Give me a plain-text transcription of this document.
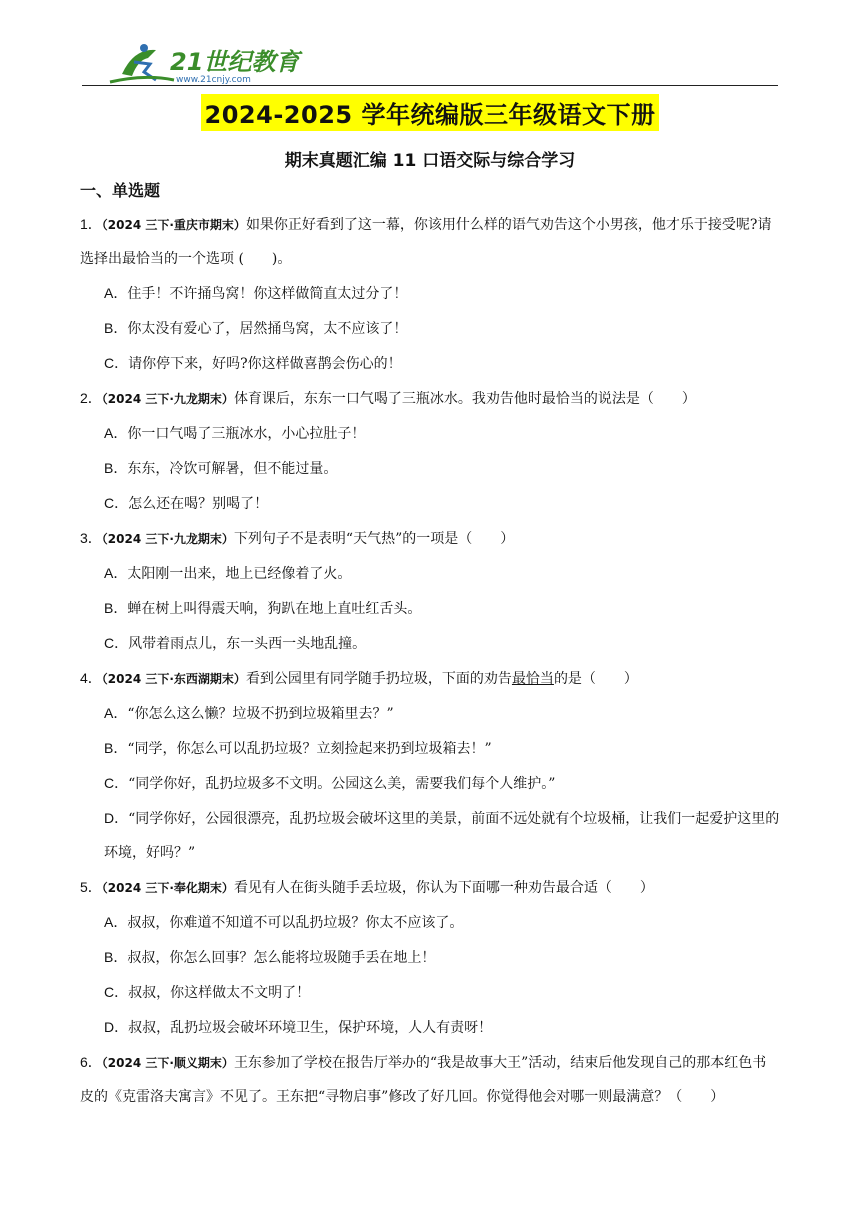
21世纪教育
www.21cnjy.com
2024-2025 学年统编版三年级语文下册
期末真题汇编 11 口语交际与综合学习
一、单选题
1．（2024 三下·重庆市期末）如果你正好看到了这一幕，你该用什么样的语气劝告这个小男孩，他才乐于接受呢?请选择出最恰当的一个选项 (　　)。
A．住手！不许捅鸟窝！你这样做简直太过分了！
B．你太没有爱心了，居然捅鸟窝，太不应该了！
C．请你停下来，好吗?你这样做喜鹊会伤心的！
2．（2024 三下·九龙期末）体育课后，东东一口气喝了三瓶冰水。我劝告他时最恰当的说法是（　　）
A．你一口气喝了三瓶冰水，小心拉肚子！
B．东东，冷饮可解暑，但不能过量。
C．怎么还在喝？别喝了！
3．（2024 三下·九龙期末）下列句子不是表明“天气热”的一项是（　　）
A．太阳刚一出来，地上已经像着了火。
B．蝉在树上叫得震天响，狗趴在地上直吐红舌头。
C．风带着雨点儿，东一头西一头地乱撞。
4．（2024 三下·东西湖期末）看到公园里有同学随手扔垃圾，下面的劝告最恰当的是（　　）
A．“你怎么这么懒？垃圾不扔到垃圾箱里去？”
B．“同学，你怎么可以乱扔垃圾？立刻捡起来扔到垃圾箱去！”
C．“同学你好，乱扔垃圾多不文明。公园这么美，需要我们每个人维护。”
D．“同学你好，公园很漂亮，乱扔垃圾会破坏这里的美景，前面不远处就有个垃圾桶，让我们一起爱护这里的环境，好吗？”
5．（2024 三下·奉化期末）看见有人在街头随手丢垃圾，你认为下面哪一种劝告最合适（　　）
A．叔叔，你难道不知道不可以乱扔垃圾？你太不应该了。
B．叔叔，你怎么回事？怎么能将垃圾随手丢在地上！
C．叔叔，你这样做太不文明了！
D．叔叔，乱扔垃圾会破坏环境卫生，保护环境，人人有责呀！
6．（2024 三下·顺义期末）王东参加了学校在报告厅举办的“我是故事大王”活动，结束后他发现自己的那本红色书皮的《克雷洛夫寓言》不见了。王东把“寻物启事”修改了好几回。你觉得他会对哪一则最满意？（　　）
